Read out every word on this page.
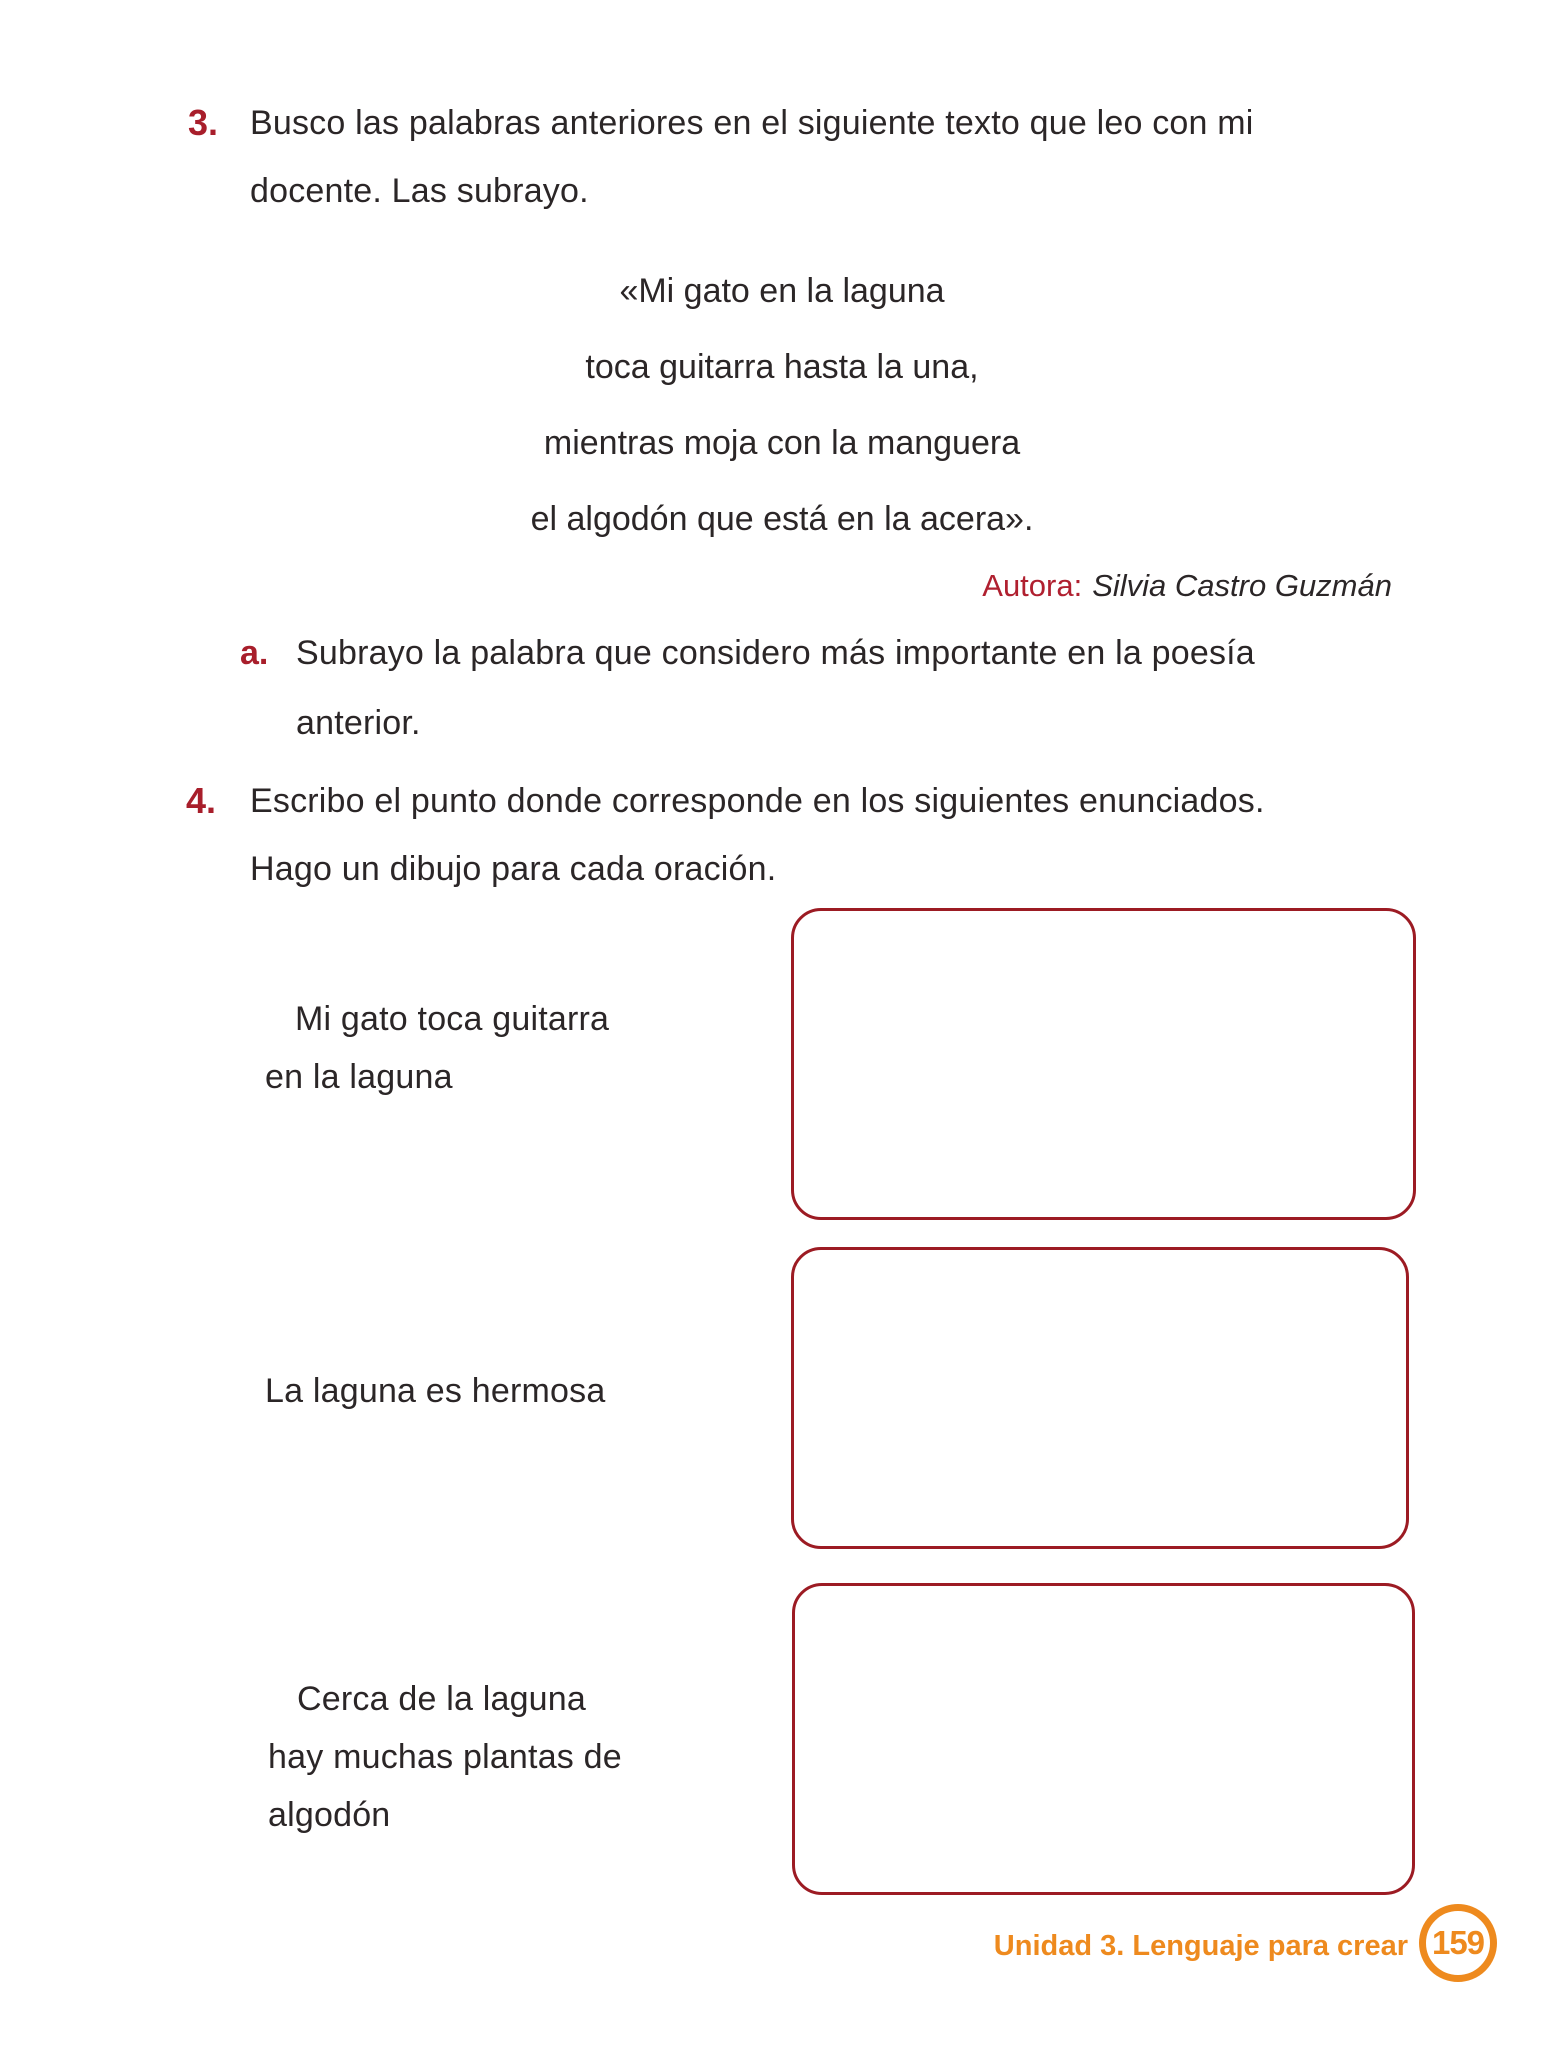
3. Busco las palabras anteriores en el siguiente texto que leo con mi
docente. Las subrayo.
«Mi gato en la laguna
toca guitarra hasta la una,
mientras moja con la manguera
el algodón que está en la acera».
Autora: Silvia Castro Guzmán
a. Subrayo la palabra que considero más importante en la poesía
anterior.
4. Escribo el punto donde corresponde en los siguientes enunciados.
Hago un dibujo para cada oración.
Mi gato toca guitarra
en la laguna
La laguna es hermosa
Cerca de la laguna
hay muchas plantas de
algodón
Unidad 3. Lenguaje para crear 159
